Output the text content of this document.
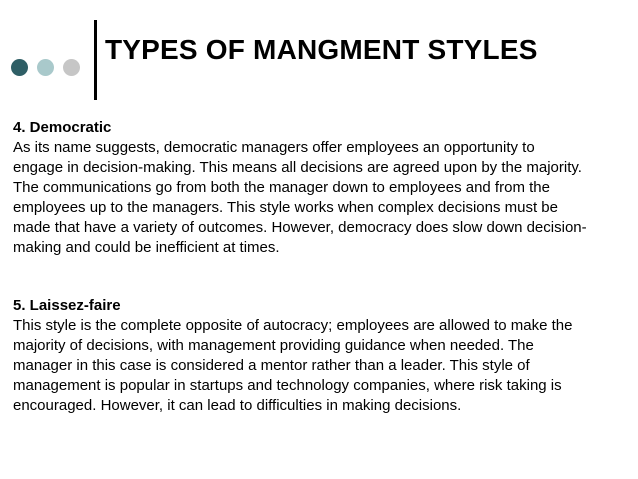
TYPES OF MANGMENT STYLES
4. Democratic
As its name suggests, democratic managers offer employees an opportunity to
engage in decision-making. This means all decisions are agreed upon by the majority.
The communications go from both the manager down to employees and from the
employees up to the managers. This style works when complex decisions must be
made that have a variety of outcomes. However, democracy does slow down decision-
making and could be inefficient at times.
5. Laissez-faire
This style is the complete opposite of autocracy; employees are allowed to make the
majority of decisions, with management providing guidance when needed. The
manager in this case is considered a mentor rather than a leader. This style of
management is popular in startups and technology companies, where risk taking is
encouraged. However, it can lead to difficulties in making decisions.
